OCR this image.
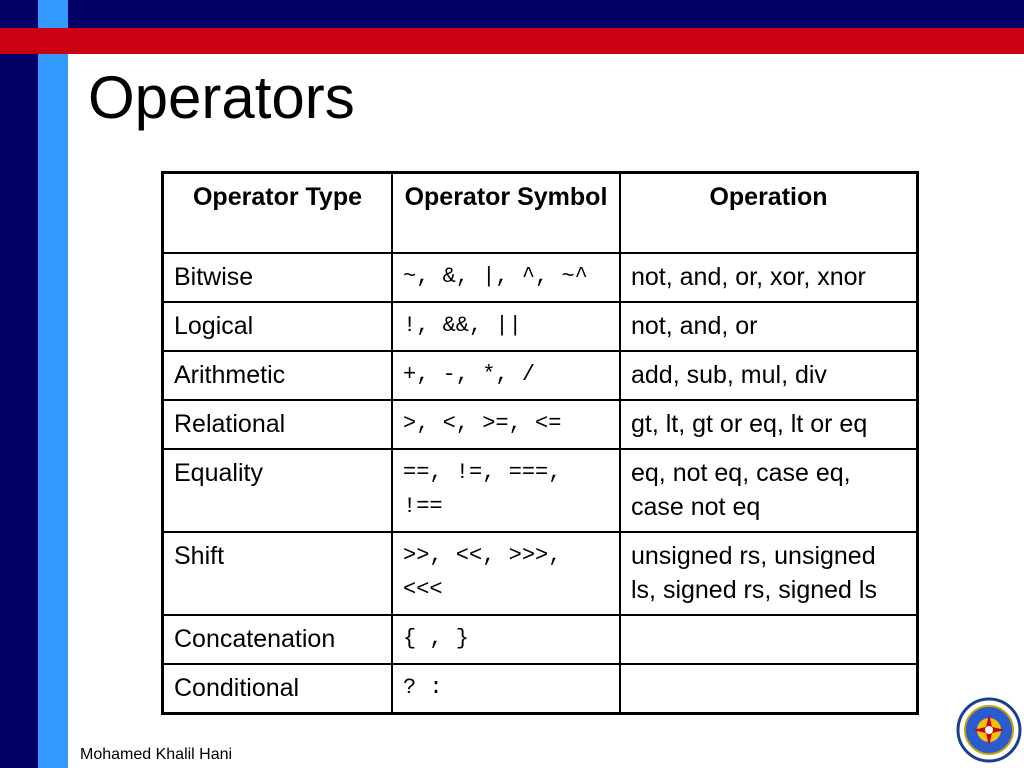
Operators
Operator Type	Operator Symbol	Operation
Bitwise	~, &, |, ^, ~^	not, and, or, xor, xnor
Logical	!, &&, ||	not, and, or
Arithmetic	+, -, *, /	add, sub, mul, div
Relational	>, <, >=, <=	gt, lt, gt or eq, lt or eq
Equality	==, !=, ===, !==	eq, not eq, case eq, case not eq
Shift	>>, <<, >>>, <<<	unsigned rs, unsigned ls, signed rs, signed ls
Concatenation	{ , }	
Conditional	? :	
Mohamed Khalil Hani
